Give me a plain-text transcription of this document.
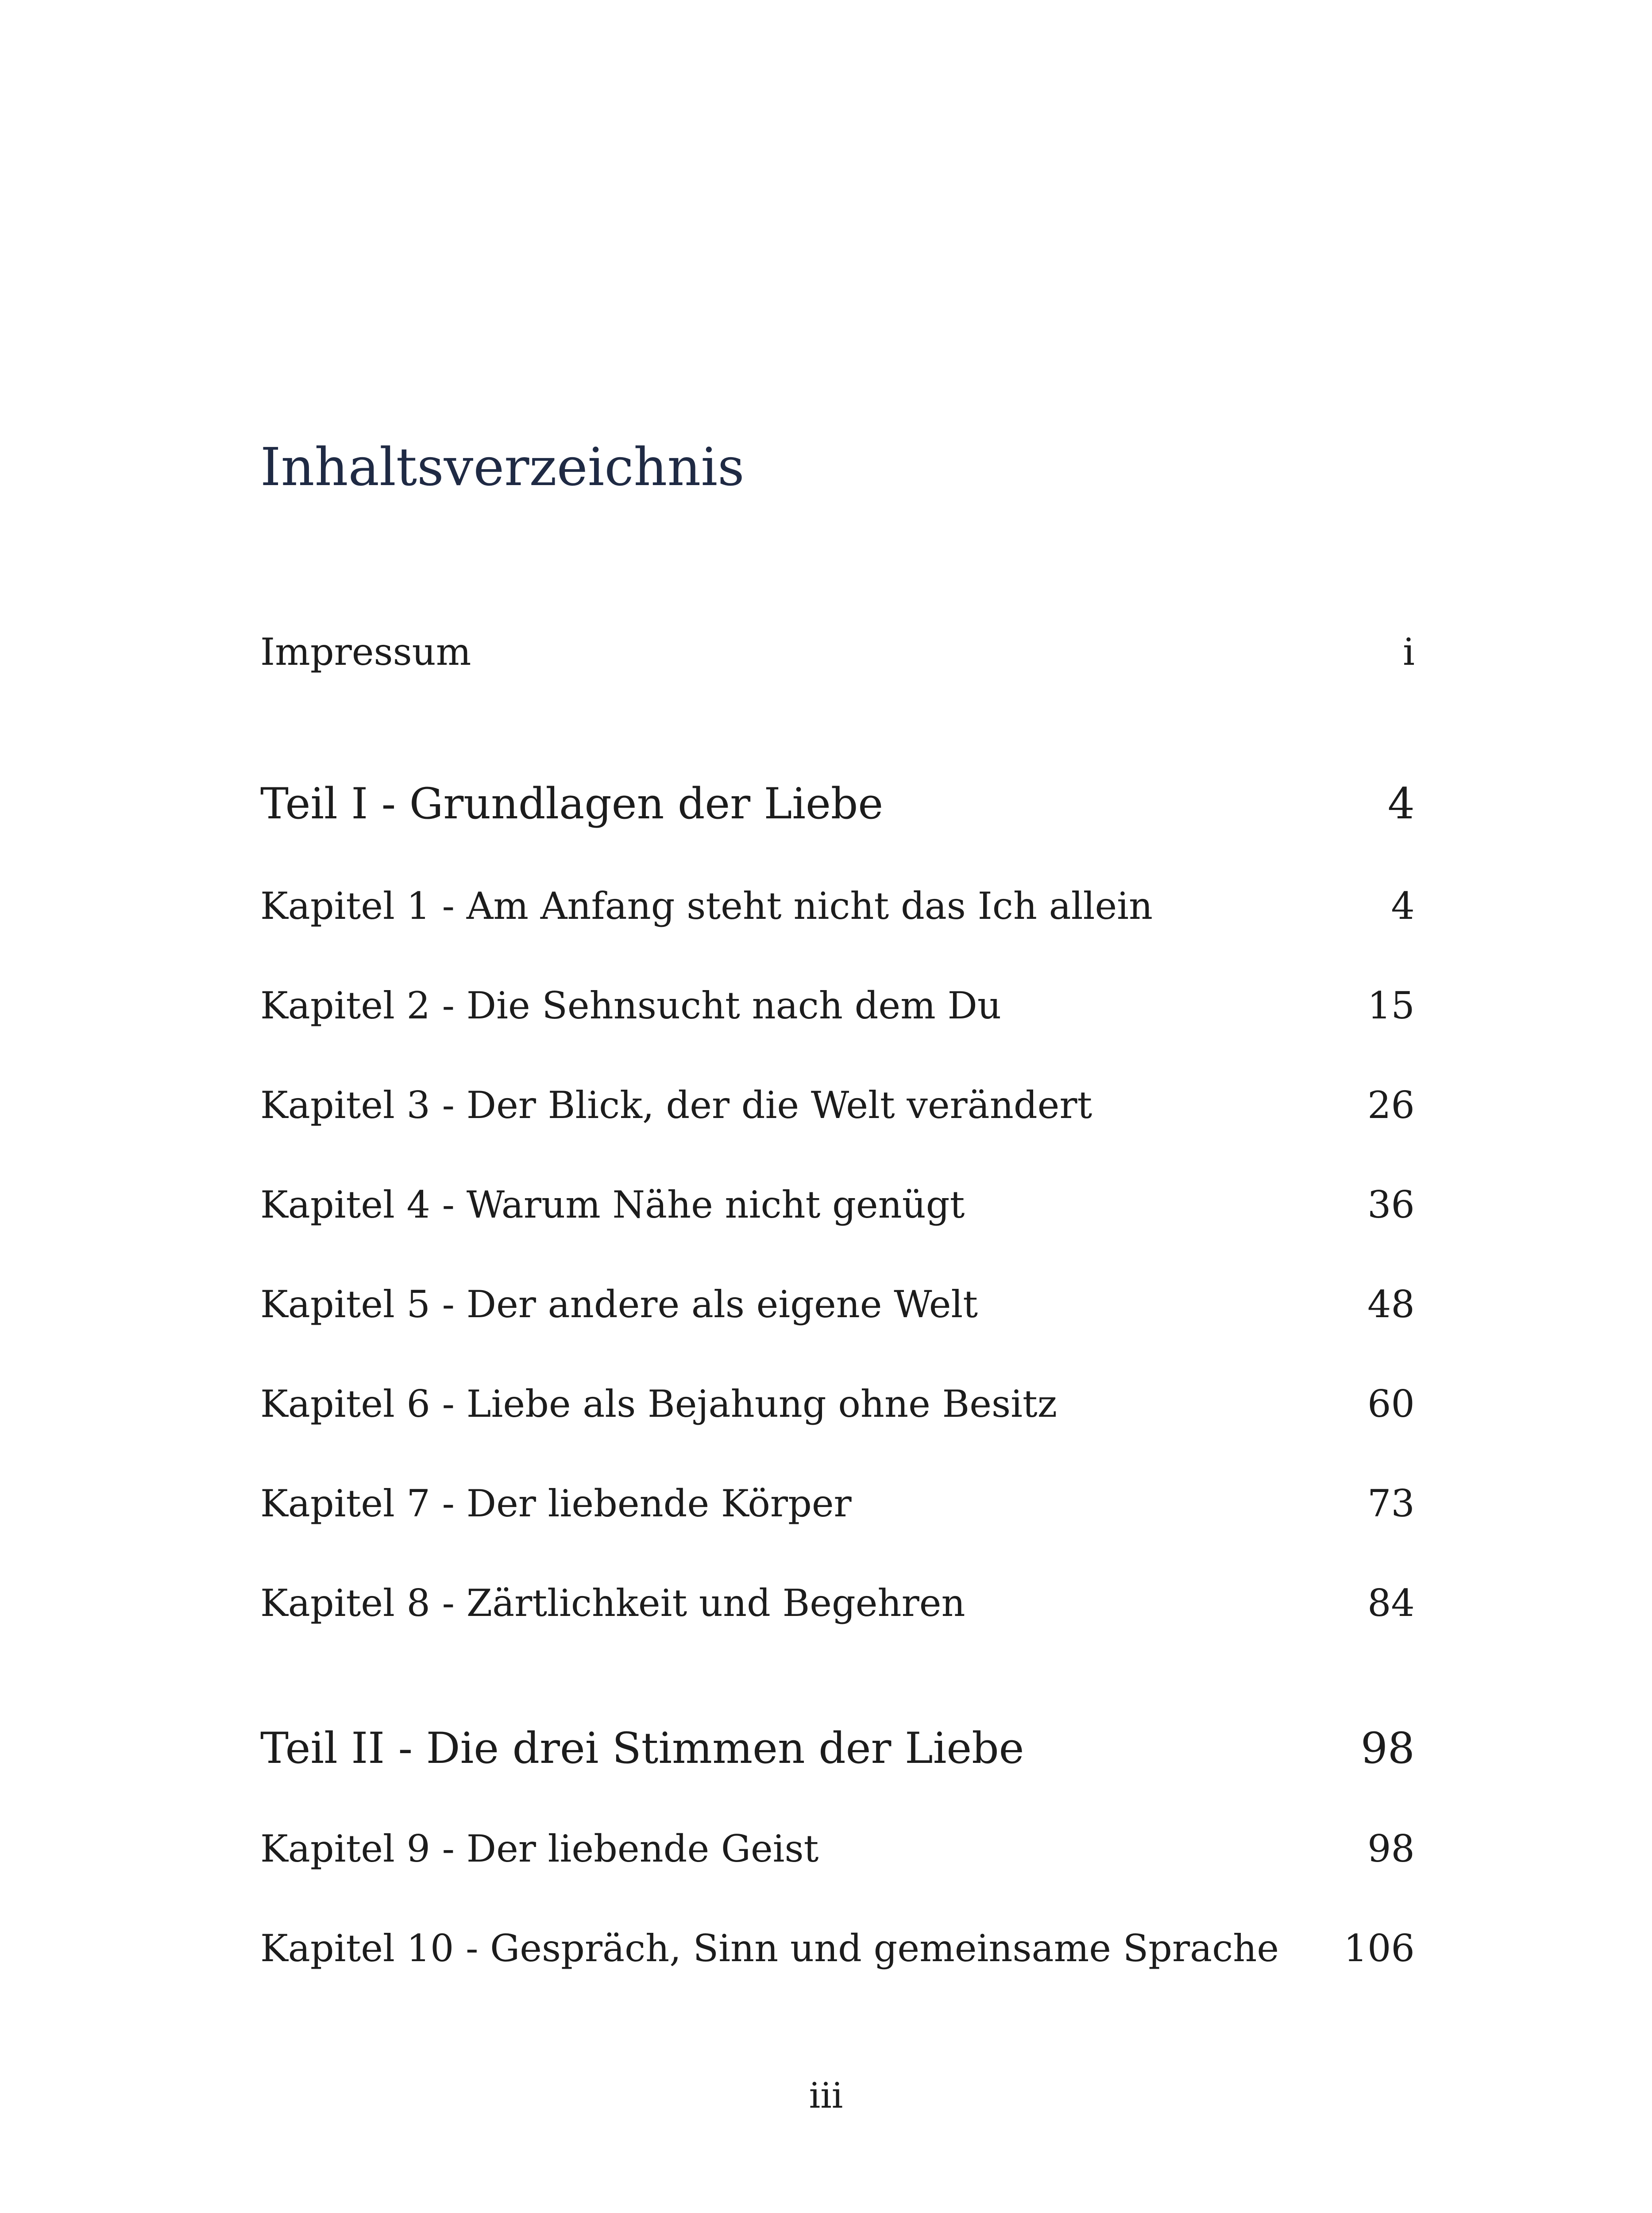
Inhaltsverzeichnis
Impressum	i
Teil I - Grundlagen der Liebe	4
Kapitel 1 - Am Anfang steht nicht das Ich allein	4
Kapitel 2 - Die Sehnsucht nach dem Du	15
Kapitel 3 - Der Blick, der die Welt verändert	26
Kapitel 4 - Warum Nähe nicht genügt	36
Kapitel 5 - Der andere als eigene Welt	48
Kapitel 6 - Liebe als Bejahung ohne Besitz	60
Kapitel 7 - Der liebende Körper	73
Kapitel 8 - Zärtlichkeit und Begehren	84
Teil II - Die drei Stimmen der Liebe	98
Kapitel 9 - Der liebende Geist	98
Kapitel 10 - Gespräch, Sinn und gemeinsame Sprache 106
iii
